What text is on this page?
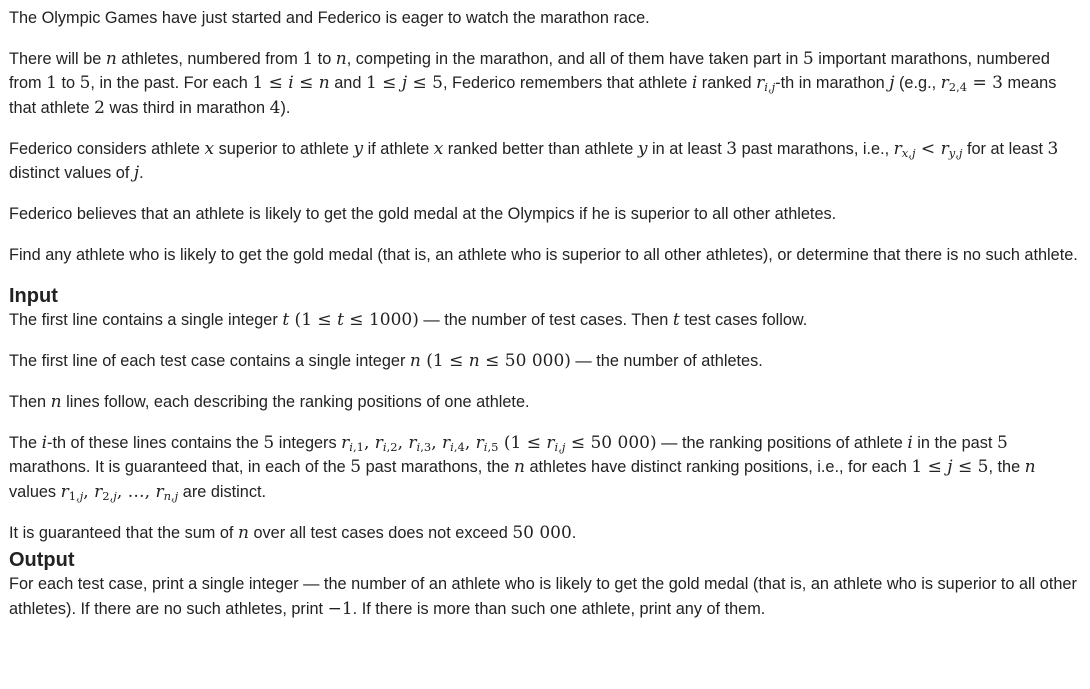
The Olympic Games have just started and Federico is eager to watch the marathon race.

There will be n athletes, numbered from 1 to n, competing in the marathon, and all of them have taken part in 5 important marathons, numbered from 1 to 5, in the past. For each 1 ≤ i ≤ n and 1 ≤ j ≤ 5, Federico remembers that athlete i ranked $r_{i,j}-th$ in marathon j (e.g., $r_{2,4} = 3$ means that athlete 2 was third in marathon 4).

Federico considers athlete x superior to athlete y if athlete x ranked better than athlete y in at least 3 past marathons, i.e., $r_{x,j} < r_{y,j}$ for at least 3 distinct values of j.

Federico believes that an athlete is likely to get the gold medal at the Olympics if he is superior to all other athletes.

Find any athlete who is likely to get the gold medal (that is, an athlete who is superior to all other athletes), or determine that there is no such athlete.

Input

The first line contains a single integer t (1 ≤ t ≤ 1000) — the number of test cases. Then t test cases follow.

The first line of each test case contains a single integer n (1 ≤ n ≤ 50 000) — the number of athletes.

Then n lines follow, each describing the ranking positions of one athlete.

The i-th of these lines contains the 5 integers $r_{i,1}$, $r_{i,2}$, $r_{i,3}$, $r_{i,4}$, $r_{i,5}$ ($1 \le r_{i,j} \le 50$ 000) — the ranking positions of athlete i in the past 5 marathons. It is guaranteed that, in each of the 5 past marathons, the n athletes have distinct ranking positions, i.e., for each 1 ≤ j ≤ 5, the n values $r_{1,j}$, $r_{2,j}$, …, $r_{n,j}$ are distinct.

It is guaranteed that the sum of n over all test cases does not exceed 50 000.

Output

For each test case, print a single integer — the number of an athlete who is likely to get the gold medal (that is, an athlete who is superior to all other athletes). If there are no such athletes, print −1. If there is more than such one athlete, print any of them.
